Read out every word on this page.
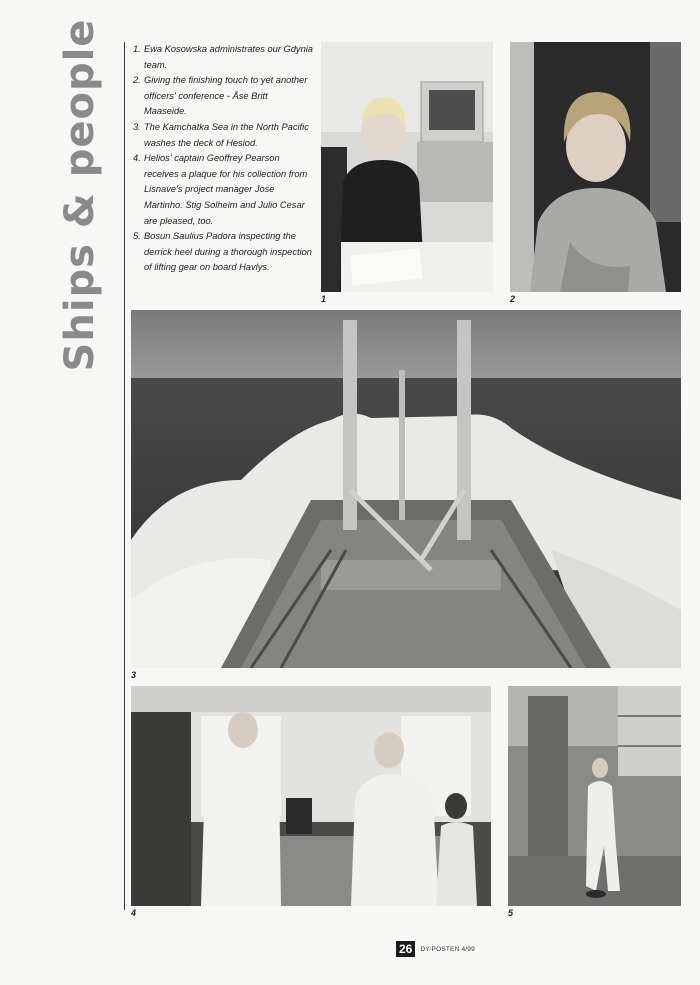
Ships & people	1. Ewa Kosowska administrates our Gdynia team.
2. Giving the finishing touch to yet another officers' conference - Åse Britt Maaseide.
3. The Kamchatka Sea in the North Pacific washes the deck of Hesiod.
4. Helios' captain Geoffrey Pearson receives a plaque for his collection from Lisnave's project manager Jose Martinho. Stig Solheim and Julio Cesar are pleased, too.
5. Bosun Saulius Padora inspecting the derrick heel during a thorough inspection of lifting gear on board Havlys.
1	2
3
4	5
26	DY-POSTEN 4/99
